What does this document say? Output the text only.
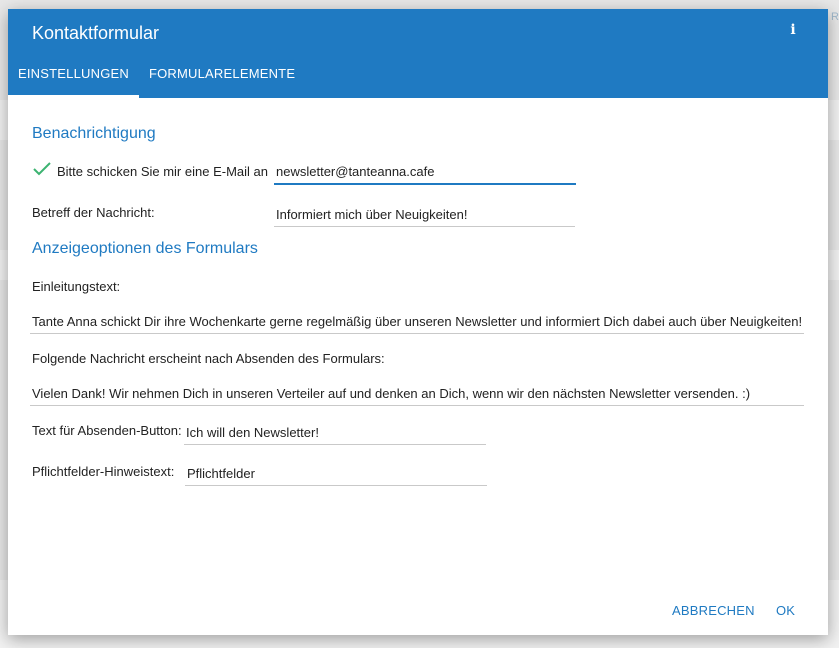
R
Kontaktformular	i
EINSTELLUNGEN	FORMULARELEMENTE
Benachrichtigung
Bitte schicken Sie mir eine E-Mail an
newsletter@tanteanna.cafe
Betreff der Nachricht:
Informiert mich über Neuigkeiten!
Anzeigeoptionen des Formulars
Einleitungstext:
Tante Anna schickt Dir ihre Wochenkarte gerne regelmäßig über unseren Newsletter und informiert Dich dabei auch über Neuigkeiten!
Folgende Nachricht erscheint nach Absenden des Formulars:
Vielen Dank! Wir nehmen Dich in unseren Verteiler auf und denken an Dich, wenn wir den nächsten Newsletter versenden. :)
Text für Absenden-Button:
Ich will den Newsletter!
Pflichtfelder-Hinweistext:
Pflichtfelder
ABBRECHEN OK
